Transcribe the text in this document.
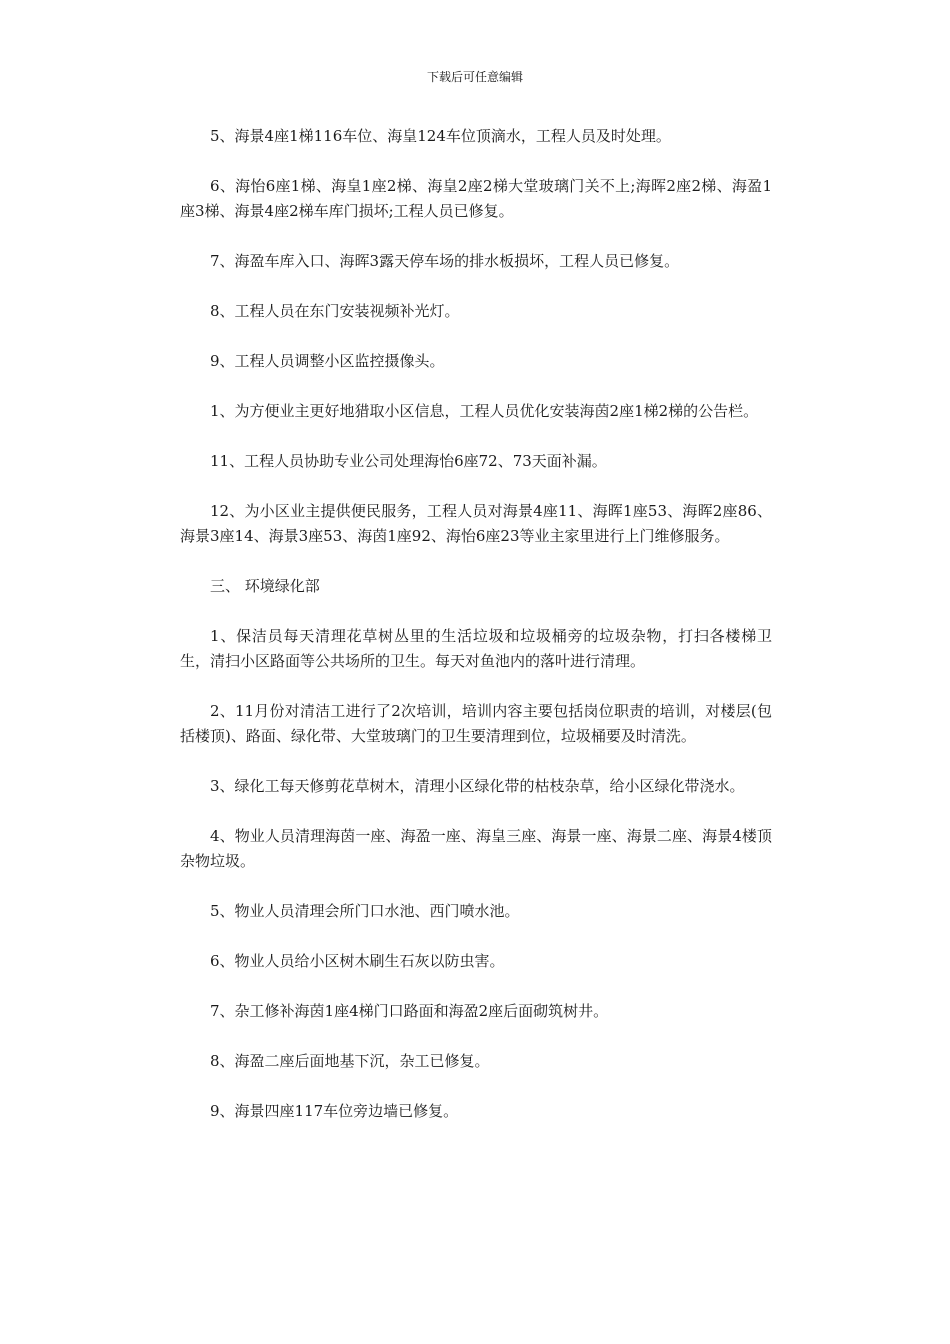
下载后可任意编辑

5、海景4座1梯116车位、海皇124车位顶滴水，工程人员及时处理。

6、海怡6座1梯、海皇1座2梯、海皇2座2梯大堂玻璃门关不上;海晖2座2梯、海盈1座3梯、海景4座2梯车库门损坏;工程人员已修复。

7、海盈车库入口、海晖3露天停车场的排水板损坏，工程人员已修复。

8、工程人员在东门安装视频补光灯。

9、工程人员调整小区监控摄像头。

1、为方便业主更好地猎取小区信息，工程人员优化安装海茵2座1梯2梯的公告栏。

11、工程人员协助专业公司处理海怡6座72、73天面补漏。

12、为小区业主提供便民服务，工程人员对海景4座11、海晖1座53、海晖2座86、海景3座14、海景3座53、海茵1座92、海怡6座23等业主家里进行上门维修服务。

三、 环境绿化部

1、保洁员每天清理花草树丛里的生活垃圾和垃圾桶旁的垃圾杂物，打扫各楼梯卫生，清扫小区路面等公共场所的卫生。每天对鱼池内的落叶进行清理。

2、11月份对清洁工进行了2次培训，培训内容主要包括岗位职责的培训，对楼层(包括楼顶)、路面、绿化带、大堂玻璃门的卫生要清理到位，垃圾桶要及时清洗。

3、绿化工每天修剪花草树木，清理小区绿化带的枯枝杂草，给小区绿化带浇水。

4、物业人员清理海茵一座、海盈一座、海皇三座、海景一座、海景二座、海景4楼顶杂物垃圾。

5、物业人员清理会所门口水池、西门喷水池。

6、物业人员给小区树木刷生石灰以防虫害。

7、杂工修补海茵1座4梯门口路面和海盈2座后面砌筑树井。

8、海盈二座后面地基下沉，杂工已修复。

9、海景四座117车位旁边墙已修复。
